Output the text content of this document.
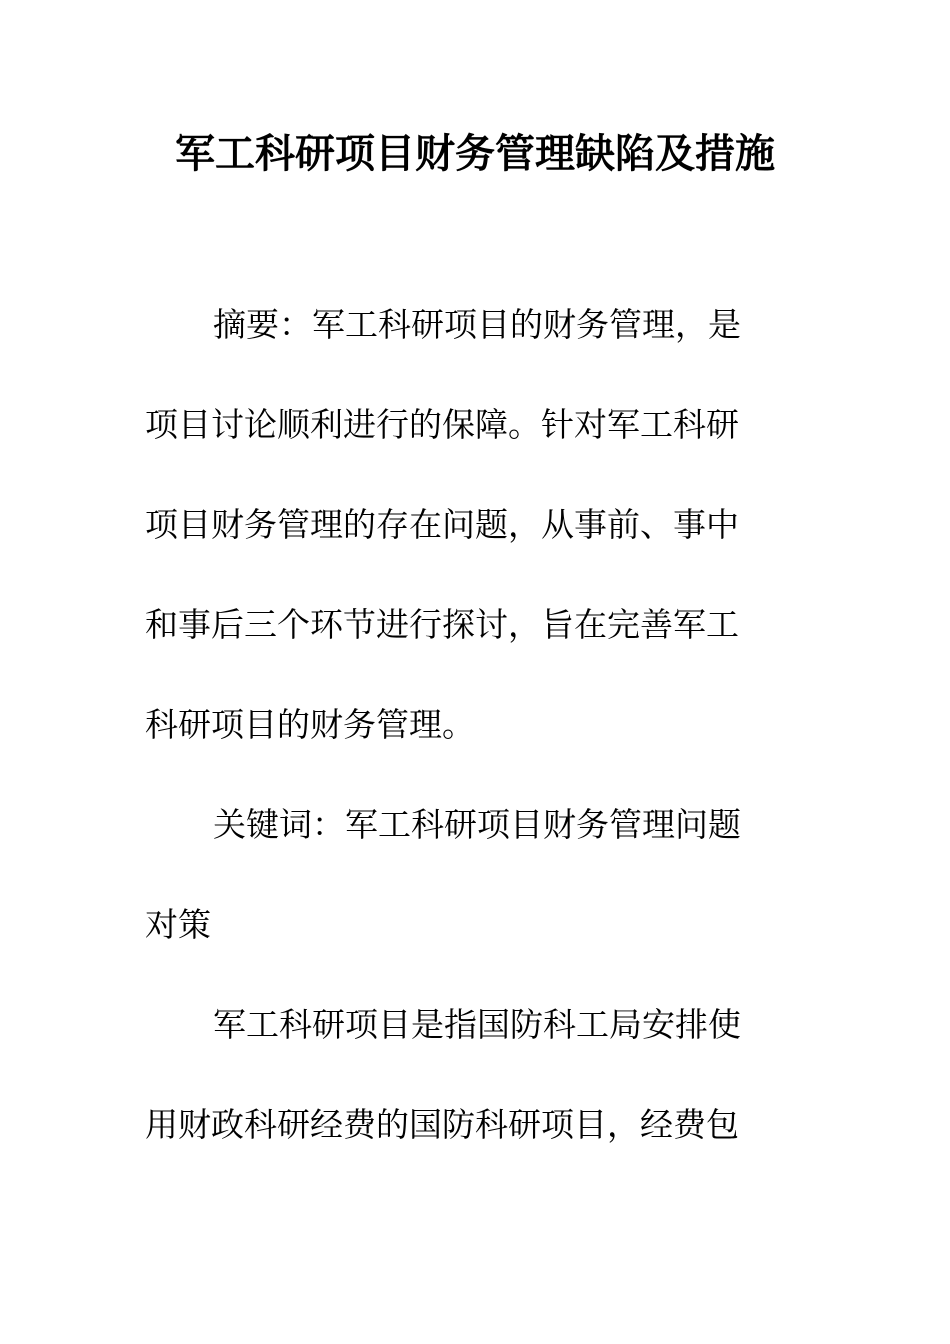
军工科研项目财务管理缺陷及措施

摘要：军工科研项目的财务管理，是

项目讨论顺利进行的保障。针对军工科研

项目财务管理的存在问题，从事前、事中

和事后三个环节进行探讨，旨在完善军工

科研项目的财务管理。

关键词：军工科研项目财务管理问题

对策

军工科研项目是指国防科工局安排使

用财政科研经费的国防科研项目，经费包
